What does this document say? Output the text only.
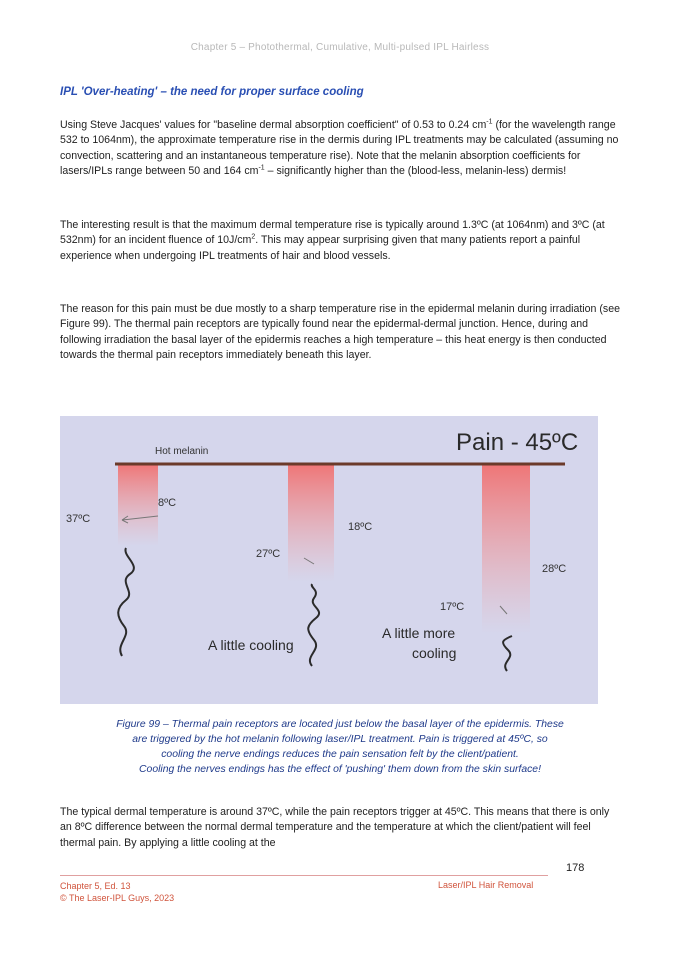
Chapter 5 – Photothermal, Cumulative, Multi-pulsed IPL Hairless
IPL 'Over-heating' – the need for proper surface cooling

Using Steve Jacques' values for "baseline dermal absorption coefficient" of 0.53 to 0.24 $cm^{-1}$ (for the wavelength range 532 to 1064nm), the approximate temperature rise in the dermis during IPL treatments may be calculated (assuming no convection, scattering and an instantaneous temperature rise). Note that the melanin absorption coefficients for lasers/IPLs range between 50 and 164 $cm^{-1}$ – significantly higher than the (blood-less, melanin-less) dermis!

The interesting result is that the maximum dermal temperature rise is typically around 1.3ºC (at 1064nm) and 3ºC (at 532nm) for an incident fluence of $10J/cm^2$. This may appear surprising given that many patients report a painful experience when undergoing IPL treatments of hair and blood vessels.

The reason for this pain must be due mostly to a sharp temperature rise in the epidermal melanin during irradiation (see Figure 99). The thermal pain receptors are typically found near the epidermal-dermal junction. Hence, during and following irradiation the basal layer of the epidermis reaches a high temperature – this heat energy is then conducted towards the thermal pain receptors immediately beneath this layer.

Pain - 45ºC
Hot melanin
37ºC
8ºC
27ºC
18ºC
17ºC
28ºC
A little cooling
A little more
cooling

Figure 99 – Thermal pain receptors are located just below the basal layer of the epidermis. These
are triggered by the hot melanin following laser/IPL treatment. Pain is triggered at 45ºC, so
cooling the nerve endings reduces the pain sensation felt by the client/patient.
Cooling the nerves endings has the effect of 'pushing' them down from the skin surface!

The typical dermal temperature is around 37ºC, while the pain receptors trigger at 45ºC. This means that there is only an 8ºC difference between the normal dermal temperature and the temperature at which the client/patient will feel thermal pain. By applying a little cooling at the

178
Chapter 5, Ed. 13
© The Laser-IPL Guys, 2023
Laser/IPL Hair Removal
